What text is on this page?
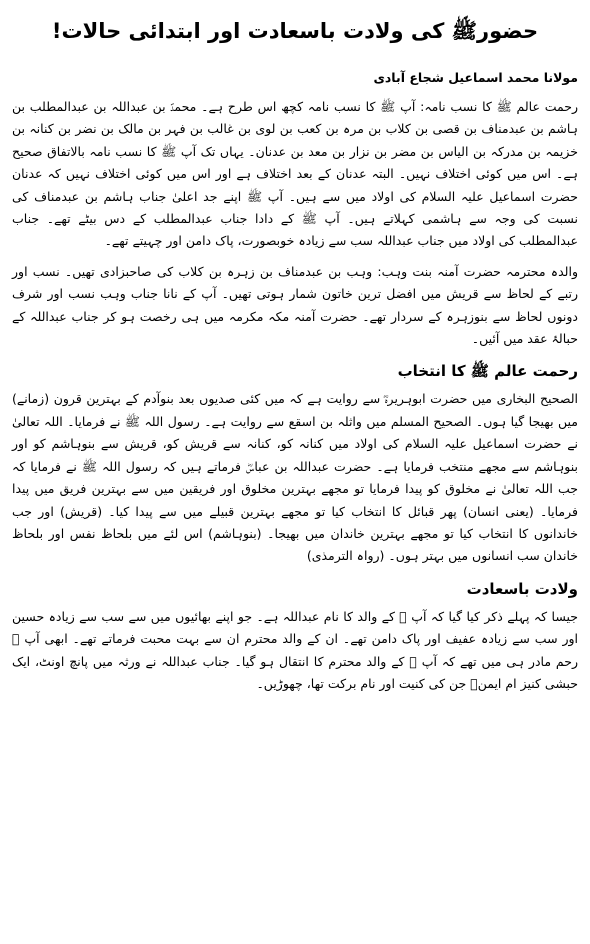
حضورﷺ کی ولادت باسعادت اور ابتدائی حالات!
مولانا محمد اسماعیل شجاع آبادی
رحمت عالم ﷺ کا نسب نامہ: آپ ﷺ کا نسب نامہ کچھ اس طرح ہے۔ محمدؐ بن عبداللہ بن عبدالمطلب بن ہاشم بن عبدمناف بن قصی بن کلاب بن مرہ بن کعب بن لوی بن غالب بن فہر بن مالک بن نضر بن کنانہ بن خزیمہ بن مدرکہ بن الیاس بن مضر بن نزار بن معد بن عدنان۔ یہاں تک آپ ﷺ کا نسب نامہ بالاتفاق صحیح ہے۔ اس میں کوئی اختلاف نہیں۔ البتہ عدنان کے بعد اختلاف ہے اور اس میں کوئی اختلاف نہیں کہ عدنان حضرت اسماعیل علیہ السلام کی اولاد میں سے ہیں۔ آپ ﷺ اپنے جد اعلیٰ جناب ہاشم بن عبدمناف کی نسبت کی وجہ سے ہاشمی کہلاتے ہیں۔ آپ ﷺ کے دادا جناب عبدالمطلب کے دس بیٹے تھے۔ جناب عبدالمطلب کی اولاد میں جناب عبداللہ سب سے زیادہ خوبصورت، پاک دامن اور چہیتے تھے۔
والدہ محترمہ حضرت آمنہ بنت وہب: وہب بن عبدمناف بن زہرہ بن کلاب کی صاحبزادی تھیں۔ نسب اور رتبے کے لحاظ سے قریش میں افضل ترین خاتون شمار ہوتی تھیں۔ آپ کے نانا جناب وہب نسب اور شرف دونوں لحاظ سے بنوزہرہ کے سردار تھے۔ حضرت آمنہ مکہ مکرمہ میں ہی رخصت ہو کر جناب عبداللہ کے حبالۂ عقد میں آئیں۔
رحمت عالم ﷺ کا انتخاب
الصحیح البخاری میں حضرت ابوہریرہؓ سے روایت ہے کہ میں کئی صدیوں بعد بنوآدم کے بہترین قرون (زمانے) میں بھیجا گیا ہوں۔ الصحیح المسلم میں واثلہ بن اسقع سے روایت ہے۔ رسول اللہ ﷺ نے فرمایا۔ اللہ تعالیٰ نے حضرت اسماعیل علیہ السلام کی اولاد میں کنانہ کو، کنانہ سے قریش کو، قریش سے بنوہاشم کو اور بنوہاشم سے مجھے منتخب فرمایا ہے۔ حضرت عبداللہ بن عباسؓ فرماتے ہیں کہ رسول اللہ ﷺ نے فرمایا کہ جب اللہ تعالیٰ نے مخلوق کو پیدا فرمایا تو مجھے بہترین مخلوق اور فریقین میں سے بہترین فریق میں پیدا فرمایا۔ (یعنی انسان) پھر قبائل کا انتخاب کیا تو مجھے بہترین قبیلے میں سے پیدا کیا۔ (قریش) اور جب خاندانوں کا انتخاب کیا تو مجھے بہترین خاندان میں بھیجا۔ (بنوہاشم) اس لئے میں بلحاظ نفس اور بلحاظ خاندان سب انسانوں میں بہتر ہوں۔ (رواہ الترمذی)
ولادت باسعادت
جیسا کہ پہلے ذکر کیا گیا کہ آپ ﷺ کے والد کا نام عبداللہ ہے۔ جو اپنے بھائیوں میں سے سب سے زیادہ حسین اور سب سے زیادہ عفیف اور پاک دامن تھے۔ ان کے والد محترم ان سے بہت محبت فرماتے تھے۔ ابھی آپ ﷺ رحم مادر ہی میں تھے کہ آپ ﷺ کے والد محترم کا انتقال ہو گیا۔ جناب عبداللہ نے ورثہ میں پانچ اونٹ، ایک حبشی کنیز ام ایمنؓ جن کی کنیت اور نام برکت تھا، چھوڑیں۔
